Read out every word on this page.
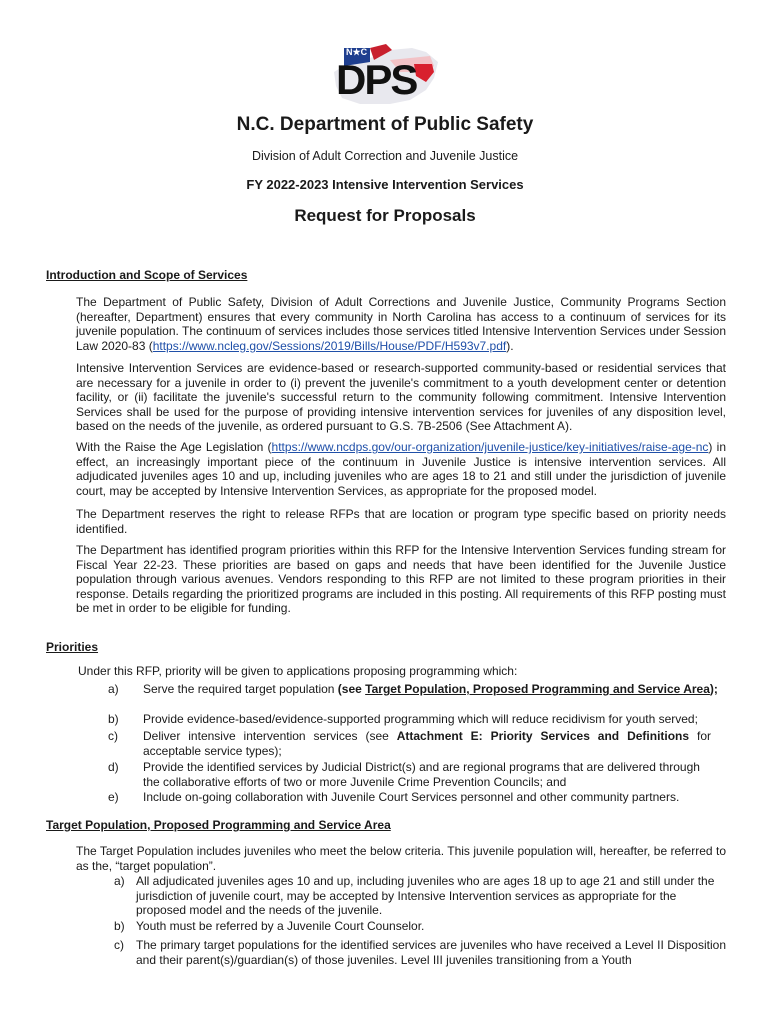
N★C
DPS
N.C. Department of Public Safety
Division of Adult Correction and Juvenile Justice
FY 2022-2023 Intensive Intervention Services
Request for Proposals
Introduction and Scope of Services

The Department of Public Safety, Division of Adult Corrections and Juvenile Justice, Community Programs Section (hereafter, Department) ensures that every community in North Carolina has access to a continuum of services for its juvenile population. The continuum of services includes those services titled Intensive Intervention Services under Session Law 2020-83 (https://www.ncleg.gov/Sessions/2019/Bills/House/PDF/H593v7.pdf).

Intensive Intervention Services are evidence-based or research-supported community-based or residential services that are necessary for a juvenile in order to (i) prevent the juvenile's commitment to a youth development center or detention facility, or (ii) facilitate the juvenile's successful return to the community following commitment. Intensive Intervention Services shall be used for the purpose of providing intensive intervention services for juveniles of any disposition level, based on the needs of the juvenile, as ordered pursuant to G.S. 7B-2506 (See Attachment A).

With the Raise the Age Legislation (https://www.ncdps.gov/our-organization/juvenile-justice/key-initiatives/raise-age-nc) in effect, an increasingly important piece of the continuum in Juvenile Justice is intensive intervention services. All adjudicated juveniles ages 10 and up, including juveniles who are ages 18 to 21 and still under the jurisdiction of juvenile court, may be accepted by Intensive Intervention Services, as appropriate for the proposed model.

The Department reserves the right to release RFPs that are location or program type specific based on priority needs identified.

The Department has identified program priorities within this RFP for the Intensive Intervention Services funding stream for Fiscal Year 22-23. These priorities are based on gaps and needs that have been identified for the Juvenile Justice population through various avenues. Vendors responding to this RFP are not limited to these program priorities in their response. Details regarding the prioritized programs are included in this posting. All requirements of this RFP posting must be met in order to be eligible for funding.

Priorities
Under this RFP, priority will be given to applications proposing programming which:
a) Serve the required target population (see Target Population, Proposed Programming and Service Area);

b) Provide evidence-based/evidence-supported programming which will reduce recidivism for youth served;

c) Deliver intensive intervention services (see Attachment E: Priority Services and Definitions for acceptable service types);

d) Provide the identified services by Judicial District(s) and are regional programs that are delivered through the collaborative efforts of two or more Juvenile Crime Prevention Councils; and

e) Include on-going collaboration with Juvenile Court Services personnel and other community partners.

Target Population, Proposed Programming and Service Area

The Target Population includes juveniles who meet the below criteria. This juvenile population will, hereafter, be referred to as the, “target population”.

a) All adjudicated juveniles ages 10 and up, including juveniles who are ages 18 up to age 21 and still under the jurisdiction of juvenile court, may be accepted by Intensive Intervention services as appropriate for the proposed model and the needs of the juvenile.

b) Youth must be referred by a Juvenile Court Counselor.

c) The primary target populations for the identified services are juveniles who have received a Level II Disposition and their parent(s)/guardian(s) of those juveniles. Level III juveniles transitioning from a Youth
